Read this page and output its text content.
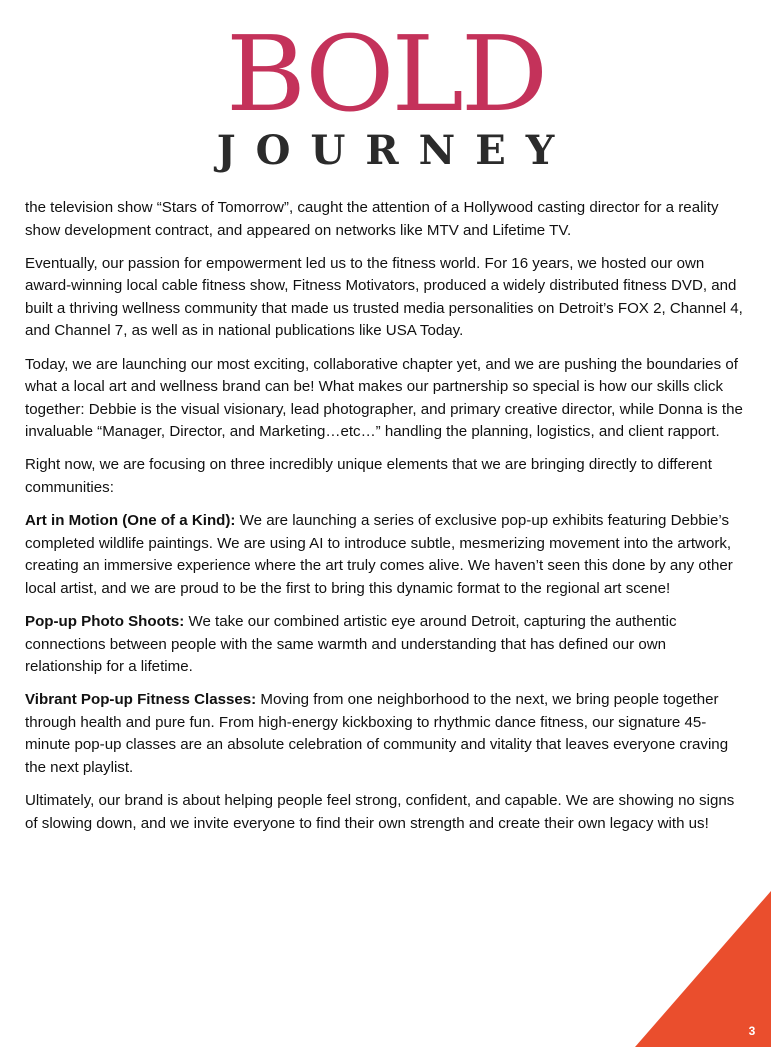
BOLD
JOURNEY

the television show “Stars of Tomorrow”, caught the attention of a Hollywood casting director for a reality show development contract, and appeared on networks like MTV and Lifetime TV.

Eventually, our passion for empowerment led us to the fitness world. For 16 years, we hosted our own award-winning local cable fitness show, Fitness Motivators, produced a widely distributed fitness DVD, and built a thriving wellness community that made us trusted media personalities on Detroit’s FOX 2, Channel 4, and Channel 7, as well as in national publications like USA Today.

Today, we are launching our most exciting, collaborative chapter yet, and we are pushing the boundaries of what a local art and wellness brand can be! What makes our partnership so special is how our skills click together: Debbie is the visual visionary, lead photographer, and primary creative director, while Donna is the invaluable “Manager, Director, and Marketing…etc…” handling the planning, logistics, and client rapport.

Right now, we are focusing on three incredibly unique elements that we are bringing directly to different communities:

Art in Motion (One of a Kind): We are launching a series of exclusive pop-up exhibits featuring Debbie’s completed wildlife paintings. We are using AI to introduce subtle, mesmerizing movement into the artwork, creating an immersive experience where the art truly comes alive. We haven’t seen this done by any other local artist, and we are proud to be the first to bring this dynamic format to the regional art scene!

Pop-up Photo Shoots: We take our combined artistic eye around Detroit, capturing the authentic connections between people with the same warmth and understanding that has defined our own relationship for a lifetime.

Vibrant Pop-up Fitness Classes: Moving from one neighborhood to the next, we bring people together through health and pure fun. From high-energy kickboxing to rhythmic dance fitness, our signature 45-minute pop-up classes are an absolute celebration of community and vitality that leaves everyone craving the next playlist.

Ultimately, our brand is about helping people feel strong, confident, and capable. We are showing no signs of slowing down, and we invite everyone to find their own strength and create their own legacy with us!

3
